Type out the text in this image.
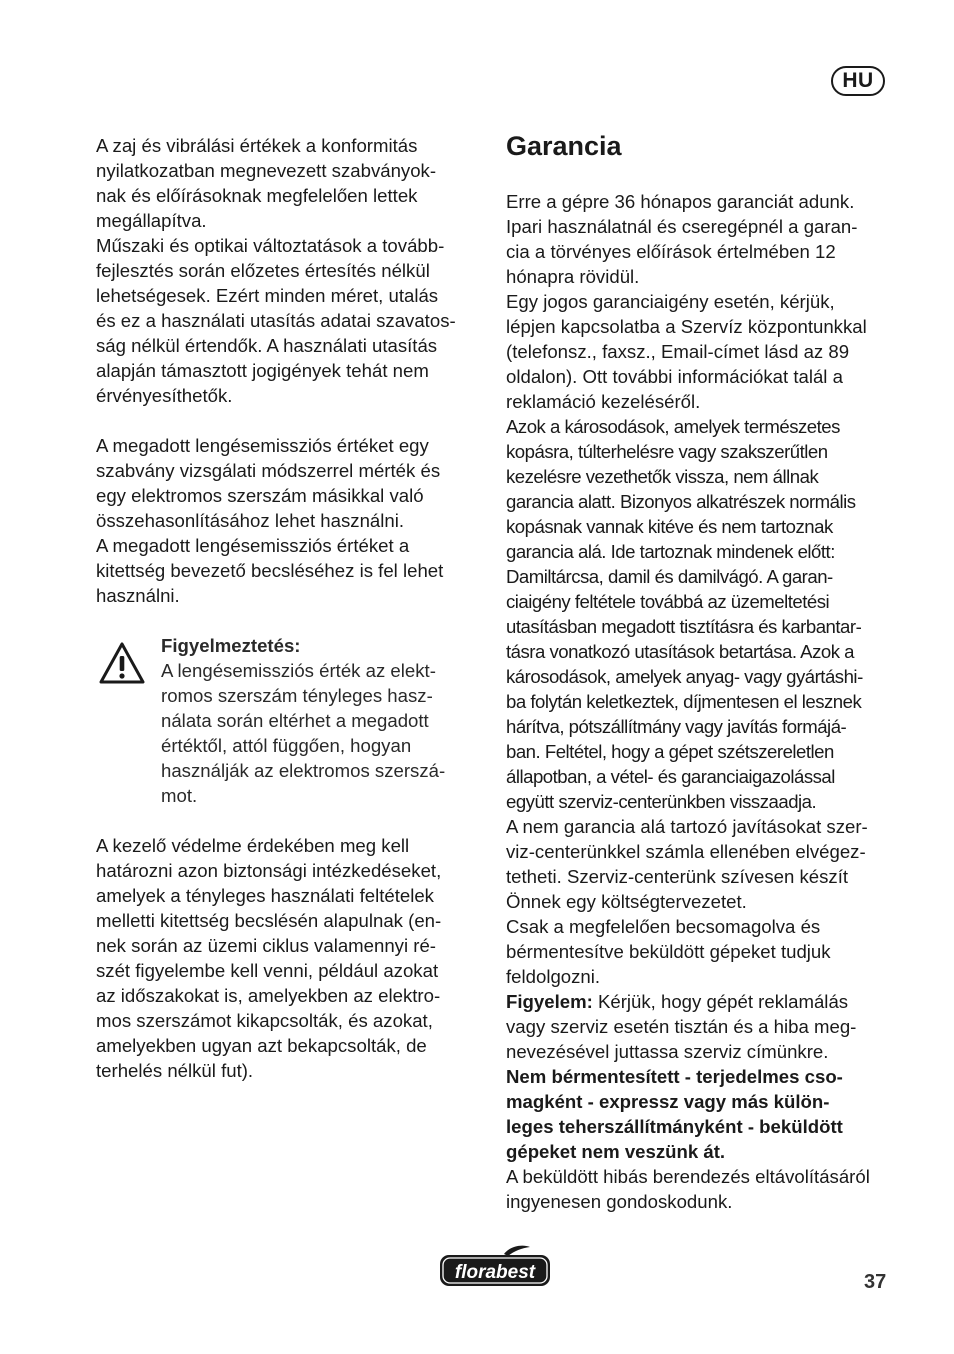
HU

A zaj és vibrálási értékek a konformitás
nyilatkozatban megnevezett szabványok-
nak és előírásoknak megfelelően lettek
megállapítva.
Műszaki és optikai változtatások a tovább-
fejlesztés során előzetes értesítés nélkül
lehetségesek. Ezért minden méret, utalás
és ez a használati utasítás adatai szavatos-
ság nélkül értendők. A használati utasítás
alapján támasztott jogigények tehát nem
érvényesíthetők.

A megadott lengésemissziós értéket egy
szabvány vizsgálati módszerrel mérték és
egy elektromos szerszám másikkal való
összehasonlításához lehet használni.
A megadott lengésemissziós értéket a
kitettség bevezető becsléséhez is fel lehet
használni.

Figyelmeztetés:

A lengésemissziós érték az elekt-
romos szerszám tényleges hasz-
nálata során eltérhet a megadott
értéktől, attól függően, hogyan
használják az elektromos szerszá-
mot.

A kezelő védelme érdekében meg kell
határozni azon biztonsági intézkedéseket,
amelyek a tényleges használati feltételek
melletti kitettség becslésén alapulnak (en-
nek során az üzemi ciklus valamennyi ré-
szét figyelembe kell venni, például azokat
az időszakokat is, amelyekben az elektro-
mos szerszámot kikapcsolták, és azokat,
amelyekben ugyan azt bekapcsolták, de
terhelés nélkül fut).

Garancia

Erre a gépre 36 hónapos garanciát adunk.
Ipari használatnál és cseregépnél a garan-
cia a törvényes előírások értelmében 12
hónapra rövidül.
Egy jogos garanciaigény esetén, kérjük,
lépjen kapcsolatba a Szervíz központunkkal
(telefonsz., faxsz., Email-címet lásd az 89
oldalon). Ott további információkat talál a
reklamáció kezeléséről.

Azok a károsodások, amelyek természetes
kopásra, túlterhelésre vagy szakszerűtlen
kezelésre vezethetők vissza, nem állnak
garancia alatt. Bizonyos alkatrészek normális
kopásnak vannak kitéve és nem tartoznak
garancia alá. Ide tartoznak mindenek előtt:
Damiltárcsa, damil és damilvágó. A garan-
ciaigény feltétele továbbá az üzemeltetési
utasításban megadott tisztításra és karbantar-
tásra vonatkozó utasítások betartása. Azok a
károsodások, amelyek anyag- vagy gyártáshi-
ba folytán keletkeztek, díjmentesen el lesznek
hárítva, pótszállítmány vagy javítás formájá-
ban. Feltétel, hogy a gépet szétszereletlen
állapotban, a vétel- és garanciaigazolással
együtt szerviz-centerünkben visszaadja.

A nem garancia alá tartozó javításokat szer-
viz-centerünkkel számla ellenében elvégez-
tetheti. Szerviz-centerünk szívesen készít
Önnek egy költségtervezetet.
Csak a megfelelően becsomagolva és
bérmentesítve beküldött gépeket tudjuk
feldolgozni.

Figyelem: Kérjük, hogy gépét reklamálás
vagy szerviz esetén tisztán és a hiba meg-
nevezésével juttassa szerviz címünkre.

Nem bérmentesített - terjedelmes cso-
magként - expressz vagy más külön-
leges teherszállítmányként - beküldött
gépeket nem veszünk át.

A beküldött hibás berendezés eltávolításáról
ingyenesen gondoskodunk.

florabest	37
